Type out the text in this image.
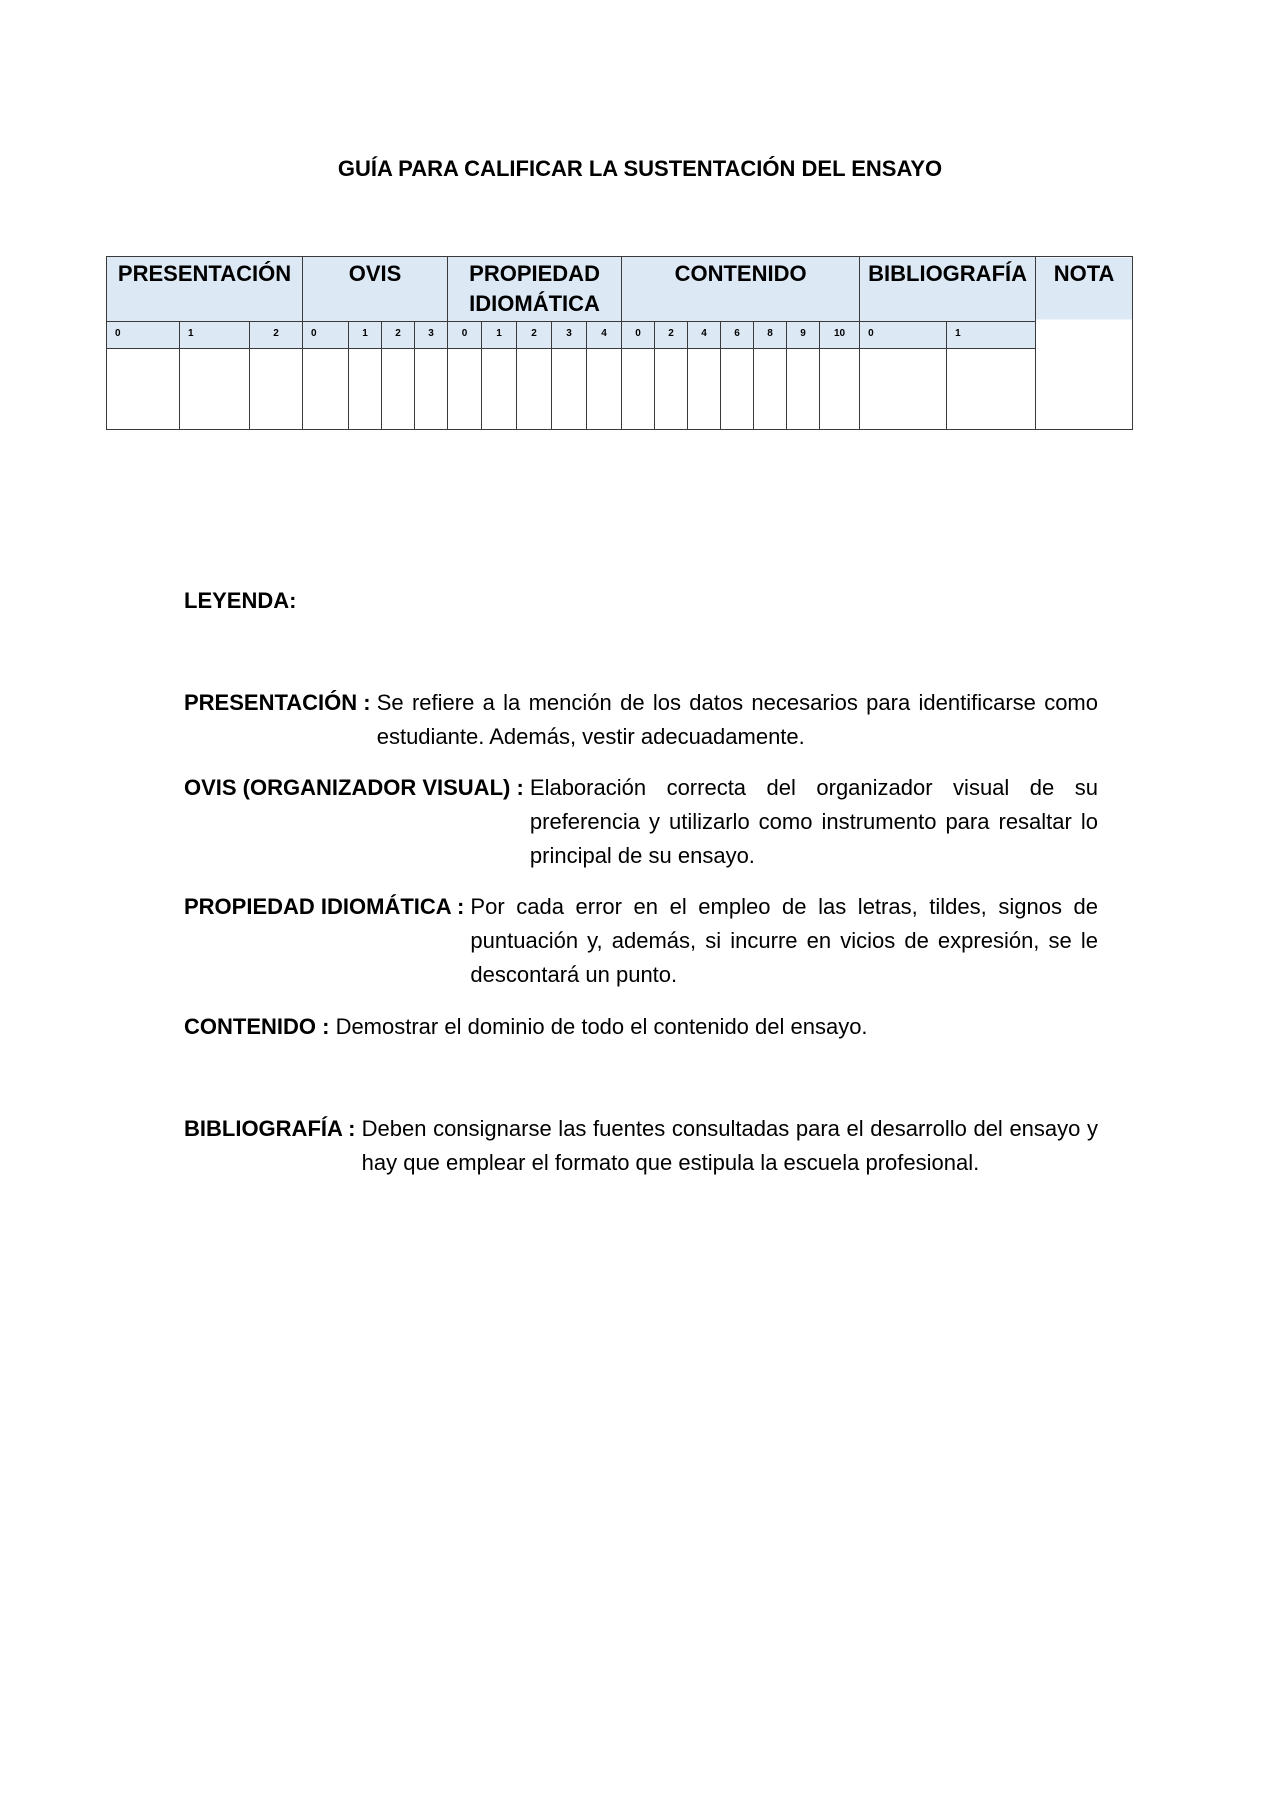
GUÍA PARA CALIFICAR LA SUSTENTACIÓN DEL ENSAYO
PRESENTACIÓN			OVIS				PROPIEDAD IDIOMÁTICA					CONTENIDO							BIBLIOGRAFÍA		NOTA

0	1	2	0	1	2	3	0	1	2	3	4	0	2	4	6	8	9	10	0	1	

LEYENDA:
PRESENTACIÓN : Se refiere a la mención de los datos necesarios para identificarse como estudiante. Además, vestir adecuadamente.
OVIS (ORGANIZADOR VISUAL) : Elaboración correcta del organizador visual de su preferencia y utilizarlo como instrumento para resaltar lo principal de su ensayo.
PROPIEDAD IDIOMÁTICA : Por cada error en el empleo de las letras, tildes, signos de puntuación y, además, si incurre en vicios de expresión, se le descontará un punto.
CONTENIDO : Demostrar el dominio de todo el contenido del ensayo.
BIBLIOGRAFÍA : Deben consignarse las fuentes consultadas para el desarrollo del ensayo y hay que emplear el formato que estipula la escuela profesional.
